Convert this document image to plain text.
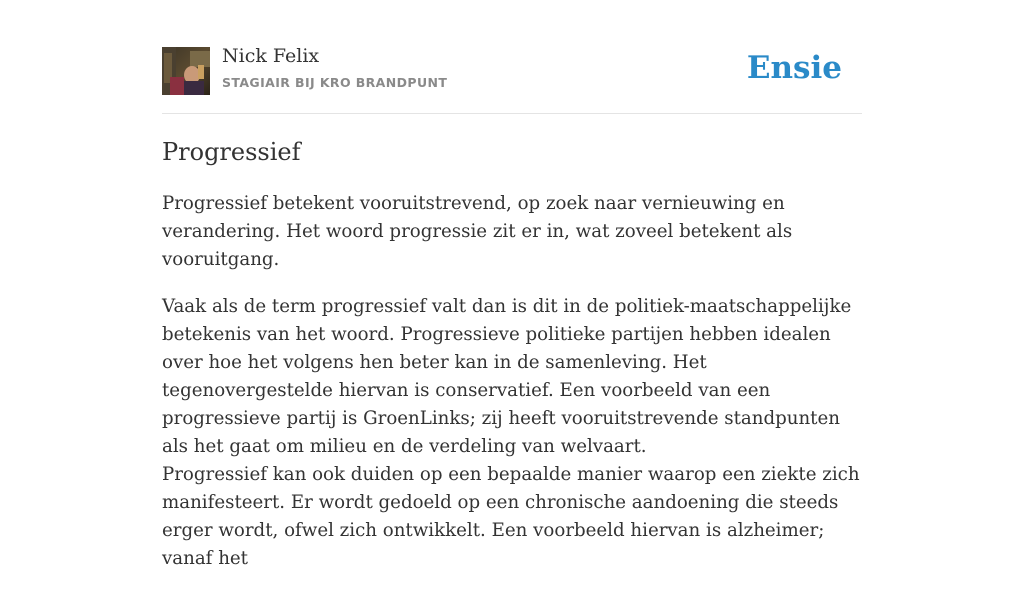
Nick Felix
STAGIAIR BIJ KRO BRANDPUNT	Ensie
Progressief

Progressief betekent vooruitstrevend, op zoek naar vernieuwing en verandering. Het woord progressie zit er in, wat zoveel betekent als vooruitgang.

Vaak als de term progressief valt dan is dit in de politiek-maatschappelijke betekenis van het woord. Progressieve politieke partijen hebben idealen over hoe het volgens hen beter kan in de samenleving. Het tegenovergestelde hiervan is conservatief. Een voorbeeld van een progressieve partij is GroenLinks; zij heeft vooruitstrevende standpunten als het gaat om milieu en de verdeling van welvaart.

Progressief kan ook duiden op een bepaalde manier waarop een ziekte zich manifesteert. Er wordt gedoeld op een chronische aandoening die steeds erger wordt, ofwel zich ontwikkelt. Een voorbeeld hiervan is alzheimer; vanaf het
